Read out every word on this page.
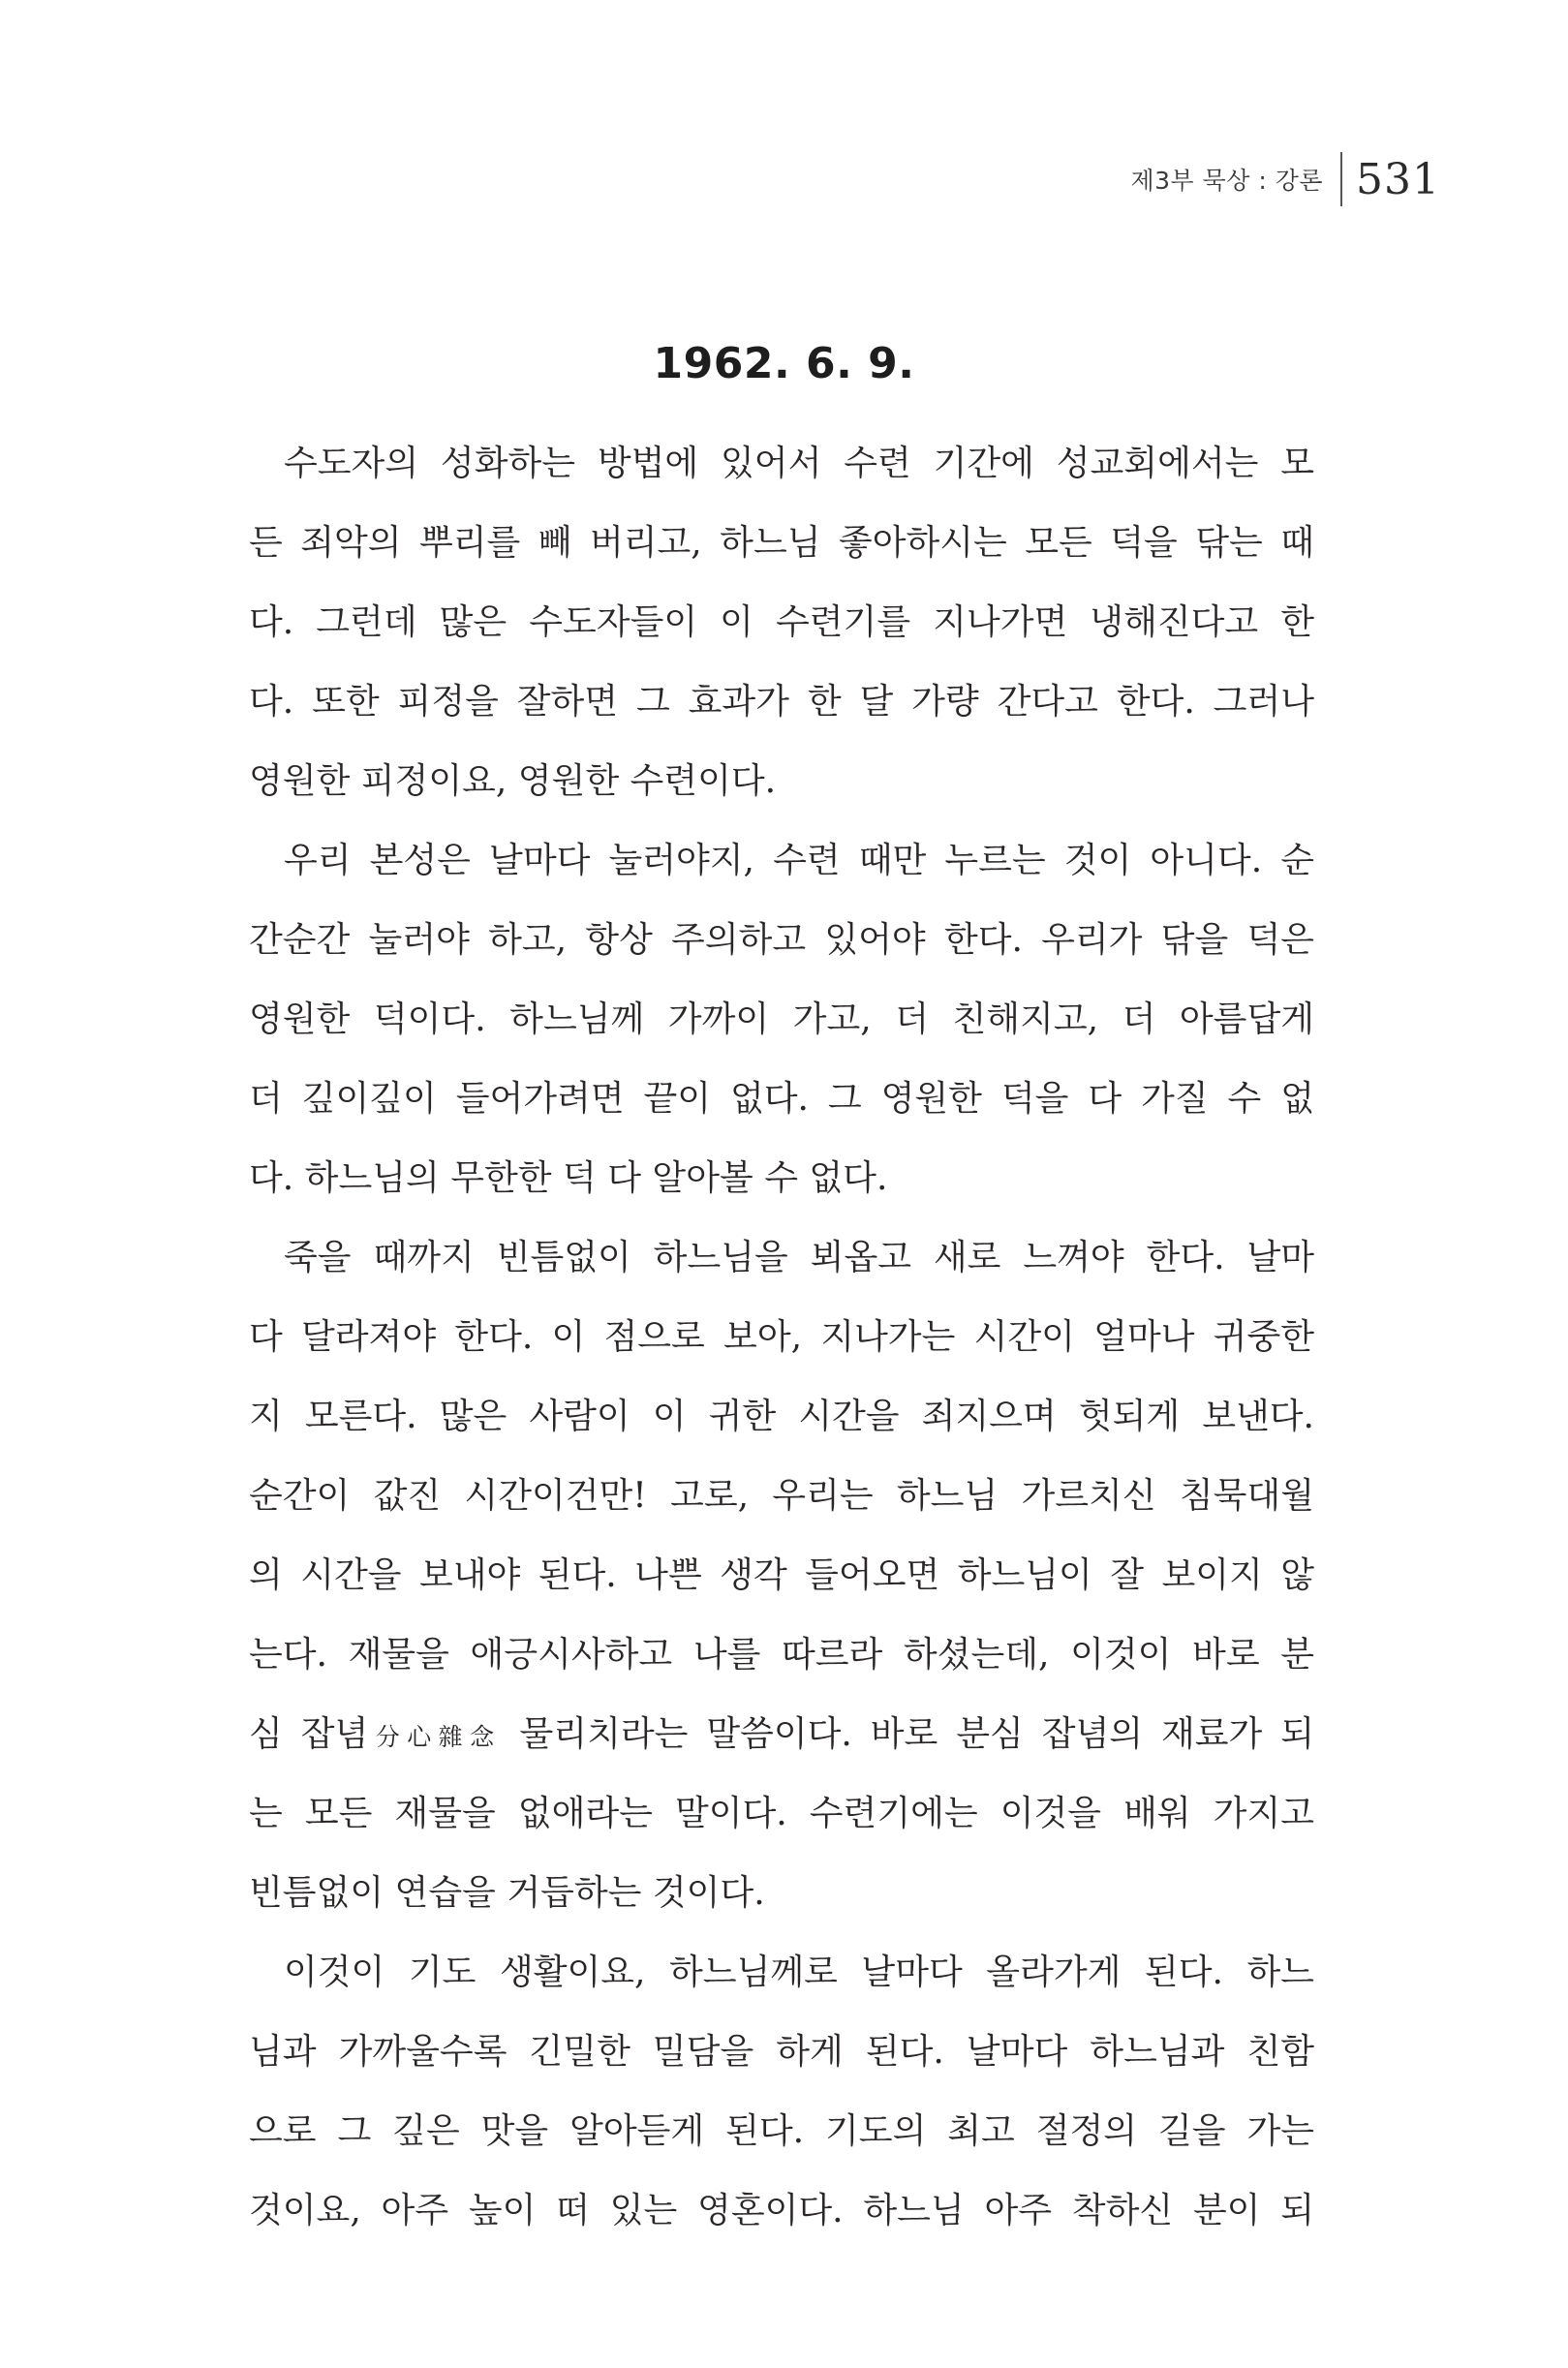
제3부 묵상 : 강론 531
1962. 6. 9.
수도자의 성화하는 방법에 있어서 수련 기간에 성교회에서는 모
든 죄악의 뿌리를 빼 버리고, 하느님 좋아하시는 모든 덕을 닦는 때
다. 그런데 많은 수도자들이 이 수련기를 지나가면 냉해진다고 한
다. 또한 피정을 잘하면 그 효과가 한 달 가량 간다고 한다. 그러나
영원한 피정이요, 영원한 수련이다.
우리 본성은 날마다 눌러야지, 수련 때만 누르는 것이 아니다. 순
간순간 눌러야 하고, 항상 주의하고 있어야 한다. 우리가 닦을 덕은
영원한 덕이다. 하느님께 가까이 가고, 더 친해지고, 더 아름답게
더 깊이깊이 들어가려면 끝이 없다. 그 영원한 덕을 다 가질 수 없
다. 하느님의 무한한 덕 다 알아볼 수 없다.
죽을 때까지 빈틈없이 하느님을 뵈옵고 새로 느껴야 한다. 날마
다 달라져야 한다. 이 점으로 보아, 지나가는 시간이 얼마나 귀중한
지 모른다. 많은 사람이 이 귀한 시간을 죄지으며 헛되게 보낸다.
순간이 값진 시간이건만! 고로, 우리는 하느님 가르치신 침묵대월
의 시간을 보내야 된다. 나쁜 생각 들어오면 하느님이 잘 보이지 않
는다. 재물을 애긍시사하고 나를 따르라 하셨는데, 이것이 바로 분
심 잡념分心雜念 물리치라는 말씀이다. 바로 분심 잡념의 재료가 되
는 모든 재물을 없애라는 말이다. 수련기에는 이것을 배워 가지고
빈틈없이 연습을 거듭하는 것이다.
이것이 기도 생활이요, 하느님께로 날마다 올라가게 된다. 하느
님과 가까울수록 긴밀한 밀담을 하게 된다. 날마다 하느님과 친함
으로 그 깊은 맛을 알아듣게 된다. 기도의 최고 절정의 길을 가는
것이요, 아주 높이 떠 있는 영혼이다. 하느님 아주 착하신 분이 되
